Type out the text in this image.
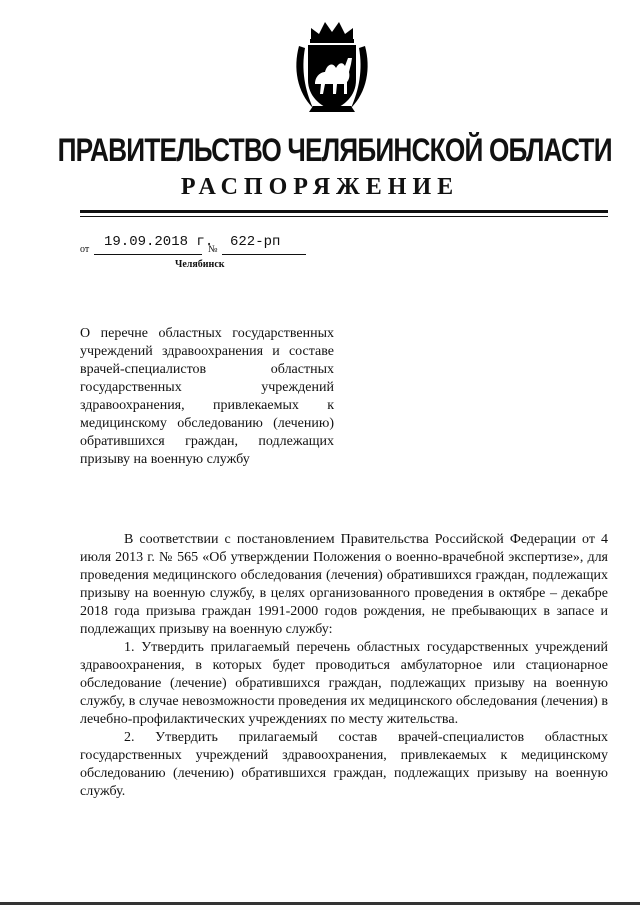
ПРАВИТЕЛЬСТВО ЧЕЛЯБИНСКОЙ ОБЛАСТИ
РАСПОРЯЖЕНИЕ
от 19.09.2018 г.
№ 622-рп
Челябинск
О перечне областных государственных учреждений здравоохранения и составе врачей-специалистов областных государственных учреждений здравоохранения, привлекаемых к медицинскому обследованию (лечению) обратившихся граждан, подлежащих призыву на военную службу

В соответствии с постановлением Правительства Российской Федерации от 4 июля 2013 г. № 565 «Об утверждении Положения о военно-врачебной экспертизе», для проведения медицинского обследования (лечения) обратившихся граждан, подлежащих призыву на военную службу, в целях организованного проведения в октябре – декабре 2018 года призыва граждан 1991-2000 годов рождения, не пребывающих в запасе и подлежащих призыву на военную службу:

1. Утвердить прилагаемый перечень областных государственных учреждений здравоохранения, в которых будет проводиться амбулаторное или стационарное обследование (лечение) обратившихся граждан, подлежащих призыву на военную службу, в случае невозможности проведения их медицинского обследования (лечения) в лечебно-профилактических учреждениях по месту жительства.

2. Утвердить прилагаемый состав врачей-специалистов областных государственных учреждений здравоохранения, привлекаемых к медицинскому обследованию (лечению) обратившихся граждан, подлежащих призыву на военную службу.
